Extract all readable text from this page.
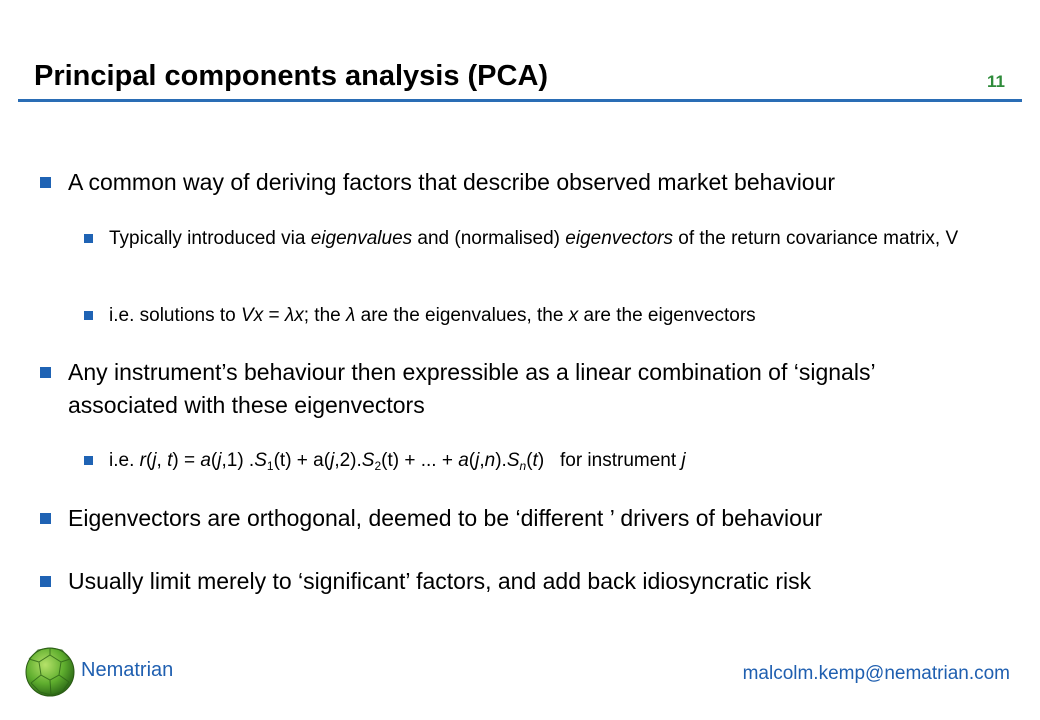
Principal components analysis (PCA)	11
A common way of deriving factors that describe observed market behaviour
Typically introduced via eigenvalues and (normalised) eigenvectors of the return covariance matrix, V
i.e. solutions to Vx = λx; the λ are the eigenvalues, the x are the eigenvectors
Any instrument’s behaviour then expressible as a linear combination of ‘signals’ associated with these eigenvectors
i.e. r(j, t) = a(j,1) $.S_1(t) + a(j,2).S_2(t)$ + ... + $a(j,n).S_n(t)$   for instrument j
Eigenvectors are orthogonal, deemed to be ‘different ’ drivers of behaviour
Usually limit merely to ‘significant’ factors, and add back idiosyncratic risk
Nematrian	malcolm.kemp@nematrian.com
